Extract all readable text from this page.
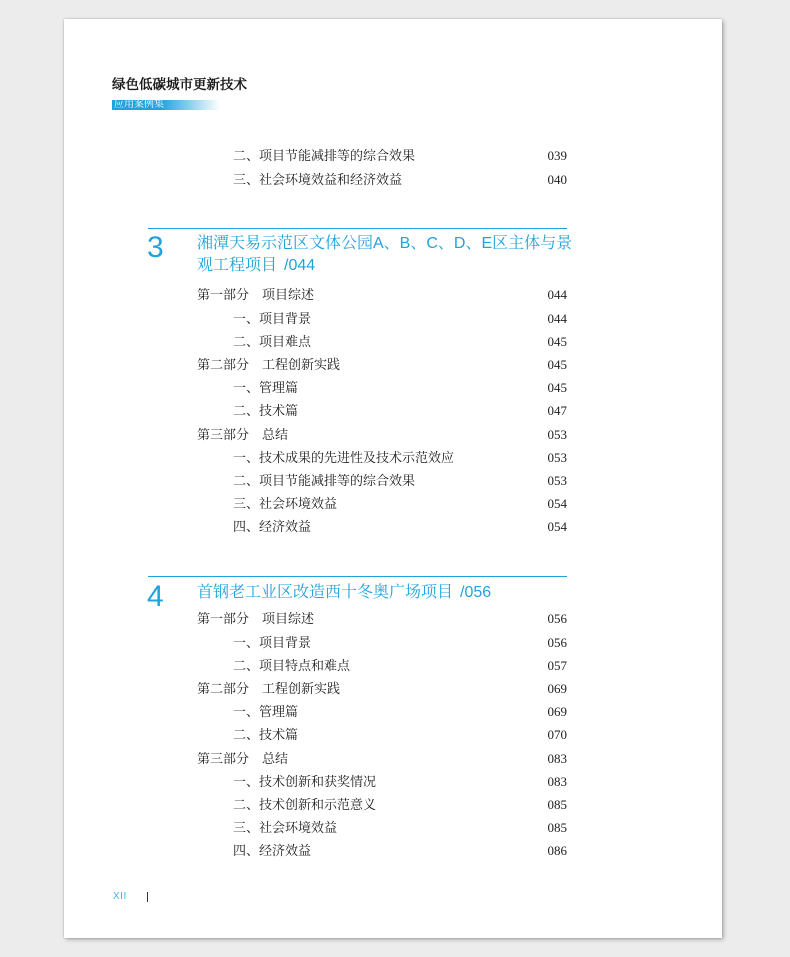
绿色低碳城市更新技术
应用案例集
二、项目节能减排等的综合效果	039
三、社会环境效益和经济效益	040
3 湘潭天易示范区文体公园A、B、C、D、E区主体与景
观工程项目 /044
第一部分 项目综述	044
一、项目背景	044
二、项目难点	045
第二部分 工程创新实践	045
一、管理篇	045
二、技术篇	047
第三部分 总结	053
一、技术成果的先进性及技术示范效应	053
二、项目节能减排等的综合效果	053
三、社会环境效益	054
四、经济效益	054
4 首钢老工业区改造西十冬奥广场项目 /056
第一部分 项目综述	056
一、项目背景	056
二、项目特点和难点	057
第二部分 工程创新实践	069
一、管理篇	069
二、技术篇	070
第三部分 总结	083
一、技术创新和获奖情况	083
二、技术创新和示范意义	085
三、社会环境效益	085
四、经济效益	086
XII
